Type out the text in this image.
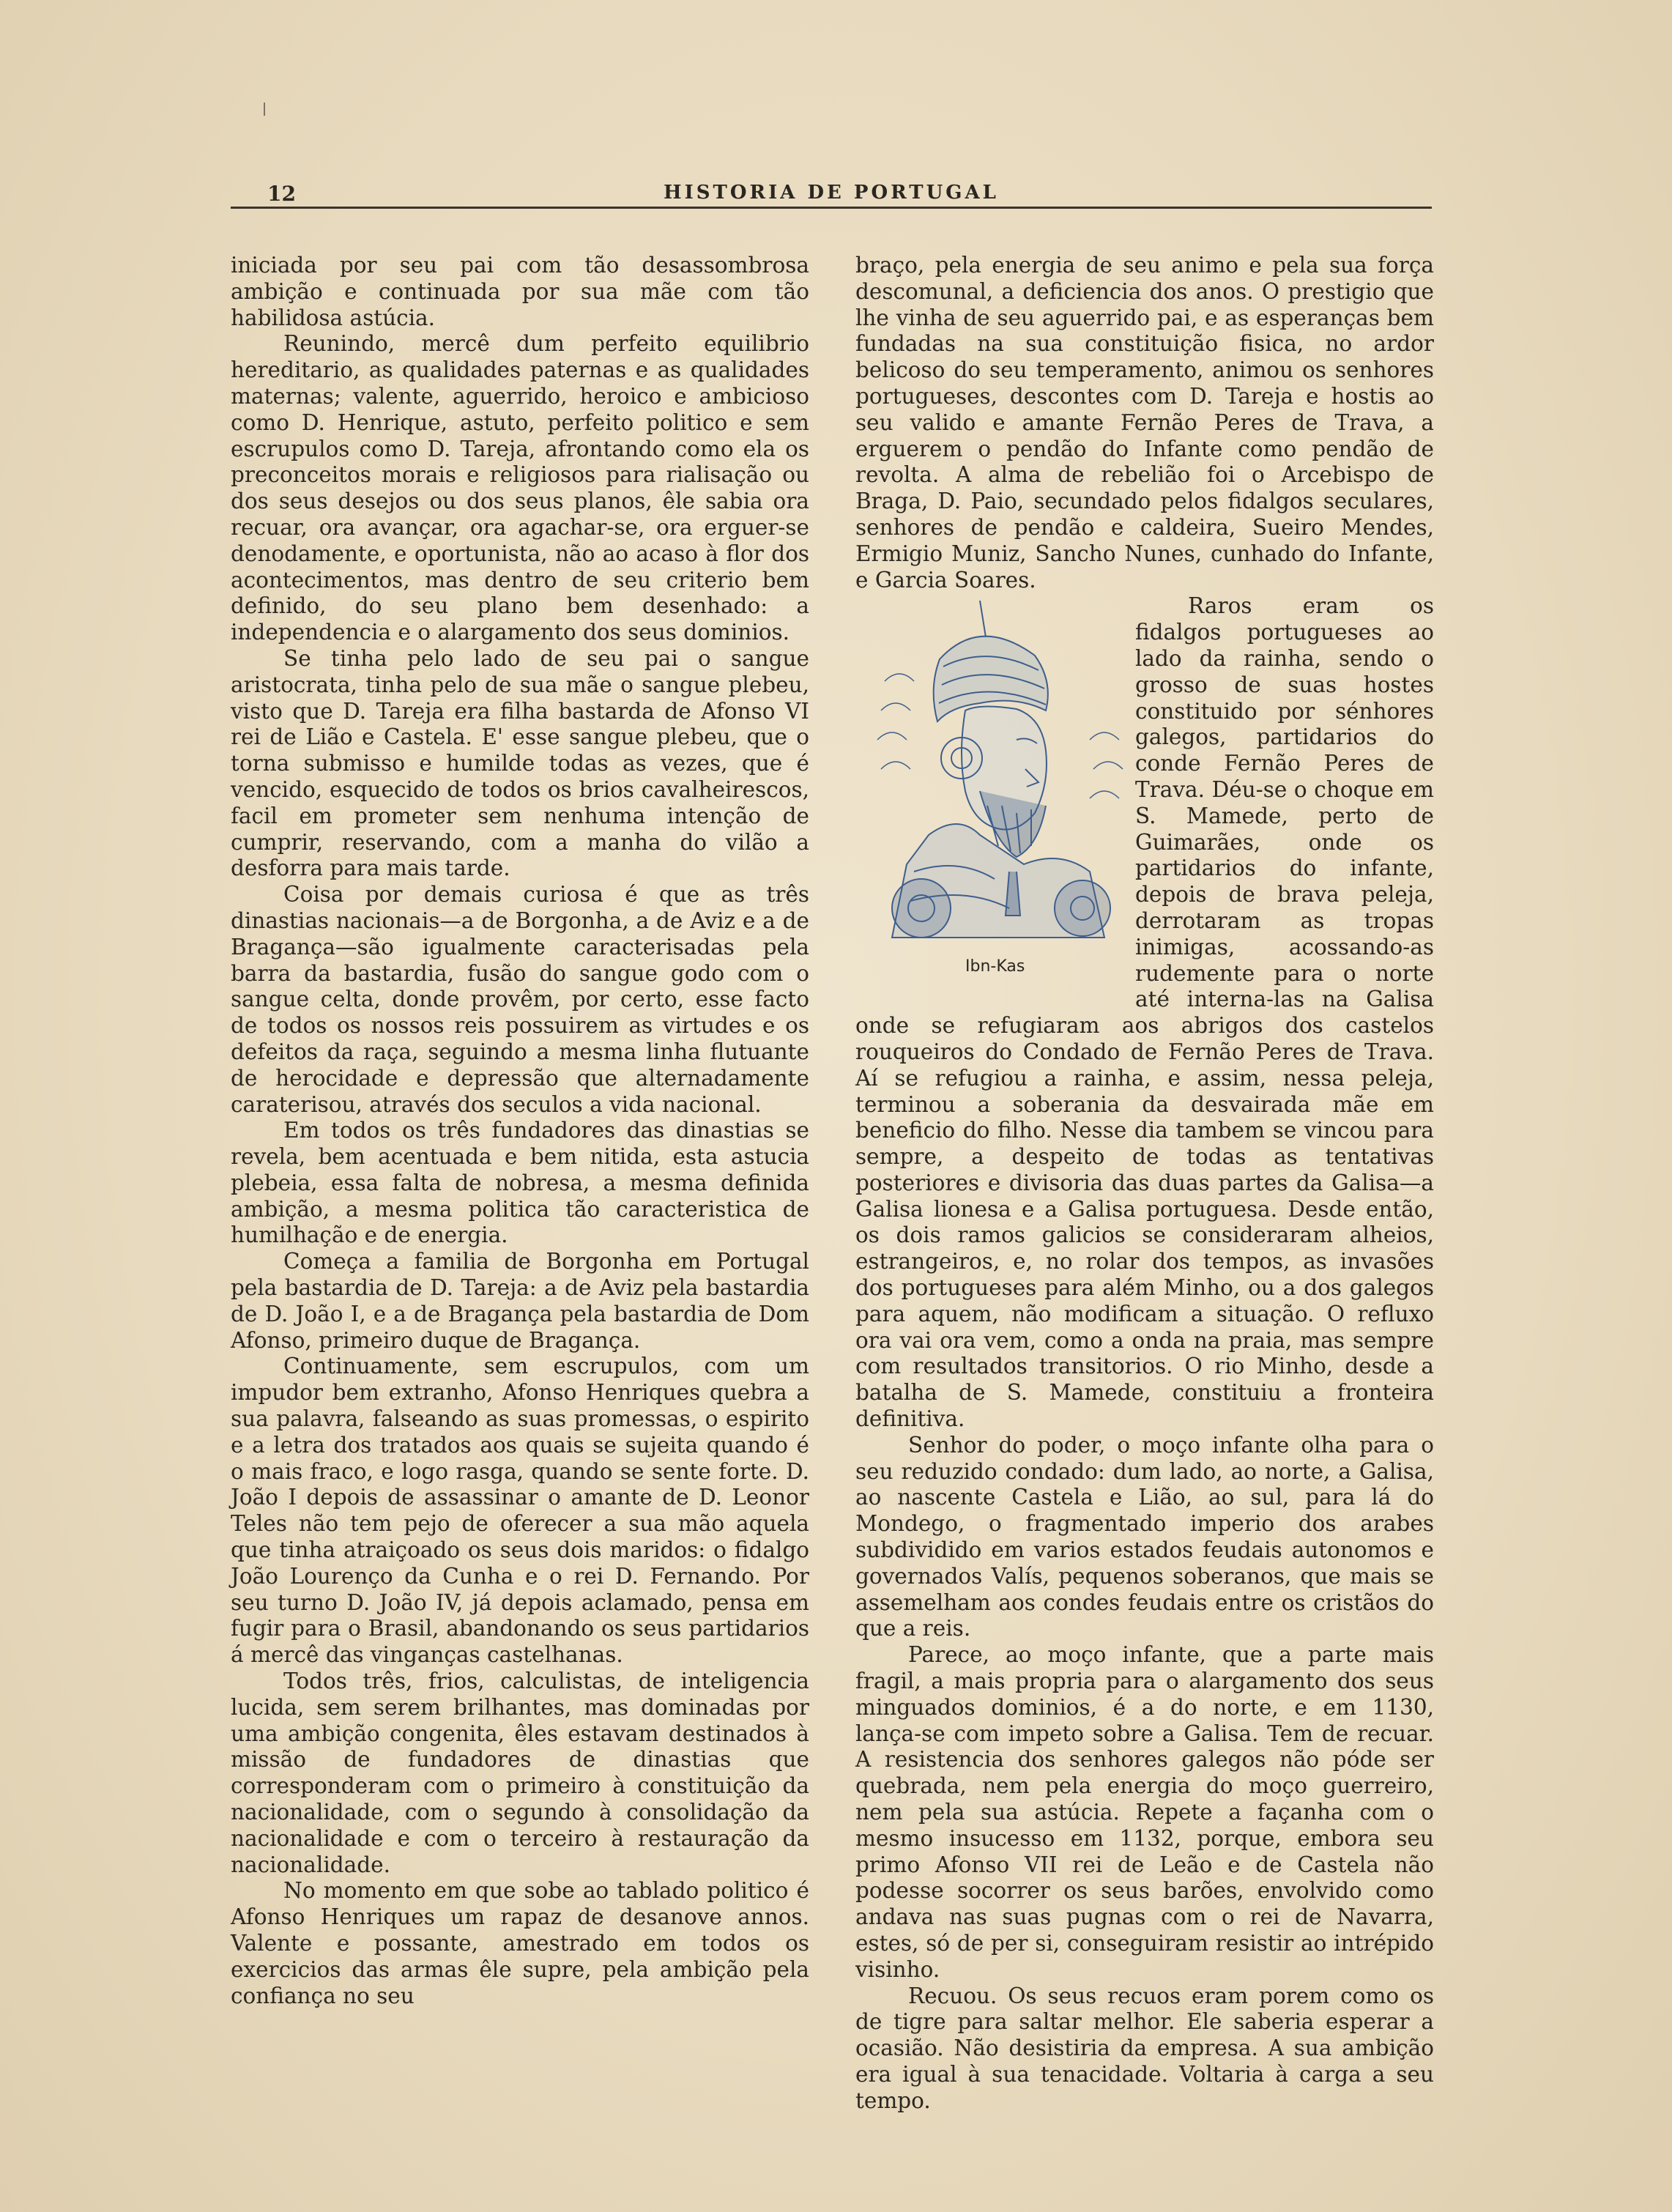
12	HISTORIA DE PORTUGAL

iniciada por seu pai com tão desassombrosa ambição e continuada por sua mãe com tão habilidosa astúcia.

Reunindo, mercê dum perfeito equilibrio hereditario, as qualidades paternas e as qualidades maternas; valente, aguerrido, heroico e ambicioso como D. Henrique, astuto, perfeito politico e sem escrupulos como D. Tareja, afrontando como ela os preconceitos morais e religiosos para rialisação ou dos seus desejos ou dos seus planos, êle sabia ora recuar, ora avançar, ora agachar-se, ora erguer-se denodamente, e oportunista, não ao acaso à flor dos acontecimentos, mas dentro de seu criterio bem definido, do seu plano bem desenhado: a independencia e o alargamento dos seus dominios.

Se tinha pelo lado de seu pai o sangue aristocrata, tinha pelo de sua mãe o sangue plebeu, visto que D. Tareja era filha bastarda de Afonso VI rei de Lião e Castela. E' esse sangue plebeu, que o torna submisso e humilde todas as vezes, que é vencido, esquecido de todos os brios cavalheirescos, facil em prometer sem nenhuma intenção de cumprir, reservando, com a manha do vilão a desforra para mais tarde.

Coisa por demais curiosa é que as três dinastias nacionais—a de Borgonha, a de Aviz e a de Bragança—são igualmente caracterisadas pela barra da bastardia, fusão do sangue godo com o sangue celta, donde provêm, por certo, esse facto de todos os nossos reis possuirem as virtudes e os defeitos da raça, seguindo a mesma linha flutuante de herocidade e depressão que alternadamente caraterisou, através dos seculos a vida nacional.

Em todos os três fundadores das dinastias se revela, bem acentuada e bem nitida, esta astucia plebeia, essa falta de nobresa, a mesma definida ambição, a mesma politica tão caracteristica de humilhação e de energia.

Começa a familia de Borgonha em Portugal pela bastardia de D. Tareja: a de Aviz pela bastardia de D. João I, e a de Bragança pela bastardia de Dom Afonso, primeiro duque de Bragança.

Continuamente, sem escrupulos, com um impudor bem extranho, Afonso Henriques quebra a sua palavra, falseando as suas promessas, o espirito e a letra dos tratados aos quais se sujeita quando é o mais fraco, e logo rasga, quando se sente forte. D. João I depois de assassinar o amante de D. Leonor Teles não tem pejo de oferecer a sua mão aquela que tinha atraiçoado os seus dois maridos: o fidalgo João Lourenço da Cunha e o rei D. Fernando. Por seu turno D. João IV, já depois aclamado, pensa em fugir para o Brasil, abandonando os seus partidarios á mercê das vinganças castelhanas.

Todos três, frios, calculistas, de inteligencia lucida, sem serem brilhantes, mas dominadas por uma ambição congenita, êles estavam destinados à missão de fundadores de dinastias que corresponderam com o primeiro à constituição da nacionalidade, com o segundo à consolidação da nacionalidade e com o terceiro à restauração da nacionalidade.

No momento em que sobe ao tablado politico é Afonso Henriques um rapaz de desanove annos. Valente e possante, amestrado em todos os exercicios das armas êle supre, pela ambição pela confiança no seu

braço, pela energia de seu animo e pela sua força descomunal, a deficiencia dos anos. O prestigio que lhe vinha de seu aguerrido pai, e as esperanças bem fundadas na sua constituição fisica, no ardor belicoso do seu temperamento, animou os senhores portugueses, descontes com D. Tareja e hostis ao seu valido e amante Fernão Peres de Trava, a erguerem o pendão do Infante como pendão de revolta. A alma de rebelião foi o Arcebispo de Braga, D. Paio, secundado pelos fidalgos seculares, senhores de pendão e caldeira, Sueiro Mendes, Ermigio Muniz, Sancho Nunes, cunhado do Infante, e Garcia Soares.

Ibn-Kas

Raros eram os fidalgos portugueses ao lado da rainha, sendo o grosso de suas hostes constituido por sénhores galegos, partidarios do conde Fernão Peres de Trava. Déu-se o choque em S. Mamede, perto de Guimarães, onde os partidarios do infante, depois de brava peleja, derrotaram as tropas inimigas, acossando-as rudemente para o norte até interna-las na Galisa onde se refugiaram aos abrigos dos castelos rouqueiros do Condado de Fernão Peres de Trava. Aí se refugiou a rainha, e assim, nessa peleja, terminou a soberania da desvairada mãe em beneficio do filho. Nesse dia tambem se vincou para sempre, a despeito de todas as tentativas posteriores e divisoria das duas partes da Galisa—a Galisa lionesa e a Galisa portuguesa. Desde então, os dois ramos galicios se consideraram alheios, estrangeiros, e, no rolar dos tempos, as invasões dos portugueses para além Minho, ou a dos galegos para aquem, não modificam a situação. O refluxo ora vai ora vem, como a onda na praia, mas sempre com resultados transitorios. O rio Minho, desde a batalha de S. Mamede, constituiu a fronteira definitiva.

Senhor do poder, o moço infante olha para o seu reduzido condado: dum lado, ao norte, a Galisa, ao nascente Castela e Lião, ao sul, para lá do Mondego, o fragmentado imperio dos arabes subdividido em varios estados feudais autonomos e governados Valís, pequenos soberanos, que mais se assemelham aos condes feudais entre os cristãos do que a reis.

Parece, ao moço infante, que a parte mais fragil, a mais propria para o alargamento dos seus minguados dominios, é a do norte, e em 1130, lança-se com impeto sobre a Galisa. Tem de recuar. A resistencia dos senhores galegos não póde ser quebrada, nem pela energia do moço guerreiro, nem pela sua astúcia. Repete a façanha com o mesmo insucesso em 1132, porque, embora seu primo Afonso VII rei de Leão e de Castela não podesse socorrer os seus barões, envolvido como andava nas suas pugnas com o rei de Navarra, estes, só de per si, conseguiram resistir ao intrépido visinho.

Recuou. Os seus recuos eram porem como os de tigre para saltar melhor. Ele saberia esperar a ocasião. Não desistiria da empresa. A sua ambição era igual à sua tenacidade. Voltaria à carga a seu tempo.
